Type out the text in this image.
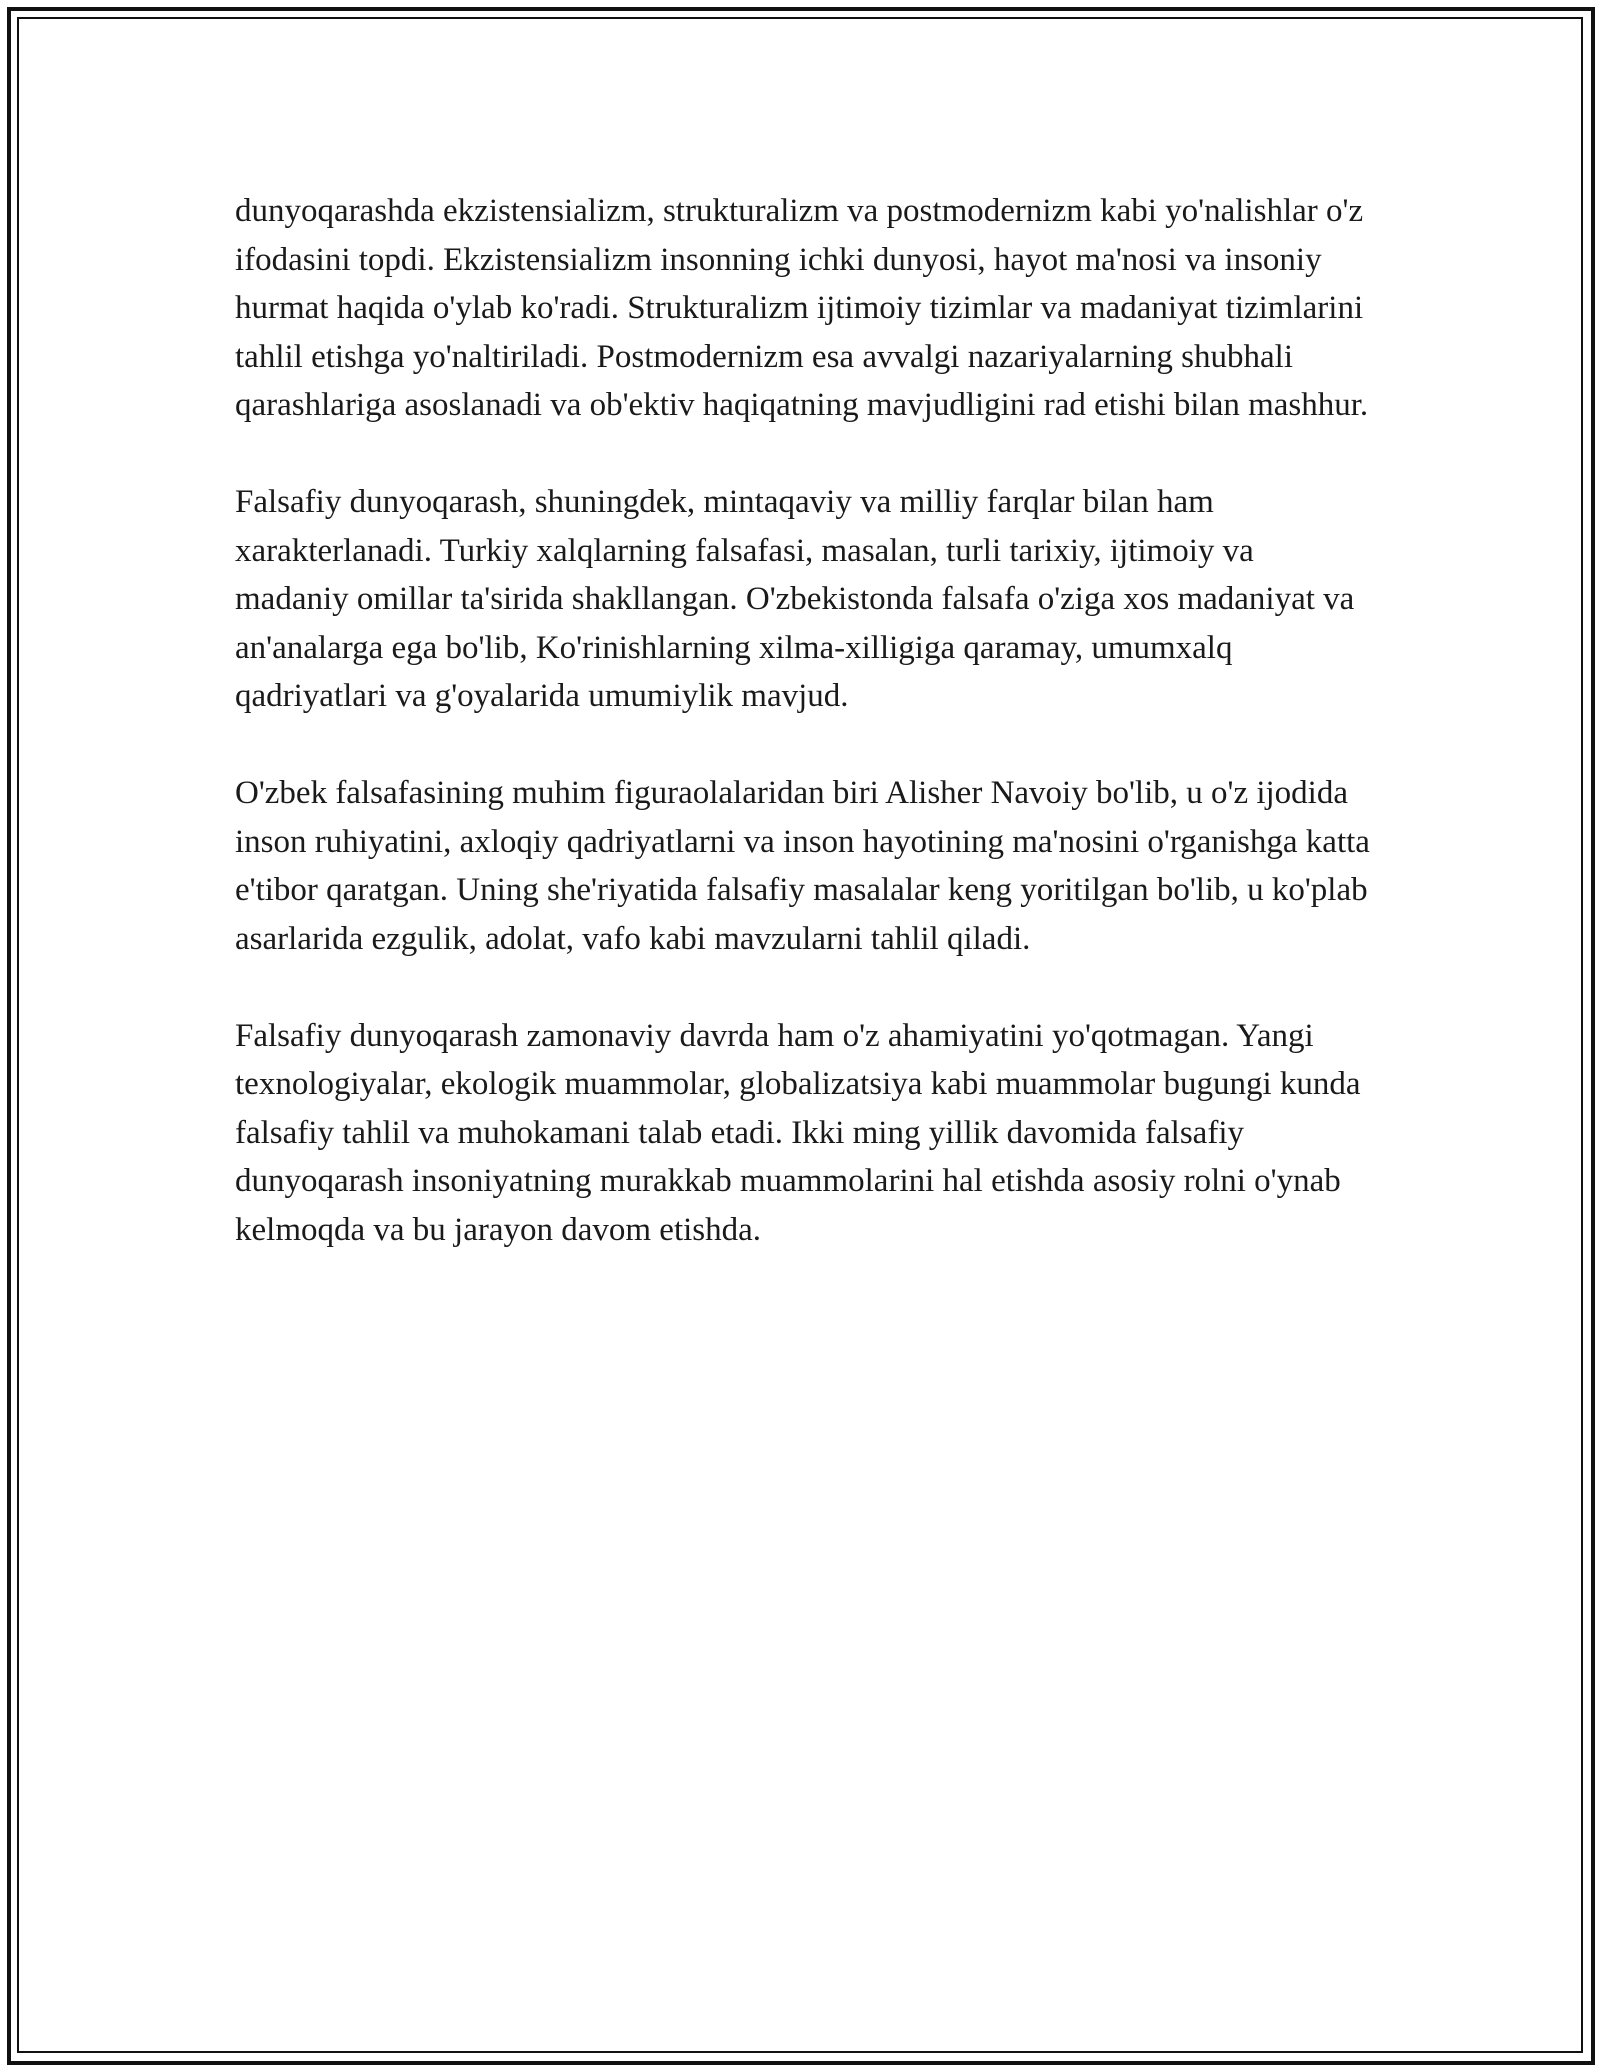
dunyoqarashda ekzistensializm, strukturalizm va postmodernizm kabi yo'nalishlar o'z ifodasini topdi. Ekzistensializm insonning ichki dunyosi, hayot ma'nosi va insoniy hurmat haqida o'ylab ko'radi. Strukturalizm ijtimoiy tizimlar va madaniyat tizimlarini tahlil etishga yo'naltiriladi. Postmodernizm esa avvalgi nazariyalarning shubhali qarashlariga asoslanadi va ob'ektiv haqiqatning mavjudligini rad etishi bilan mashhur.

Falsafiy dunyoqarash, shuningdek, mintaqaviy va milliy farqlar bilan ham xarakterlanadi. Turkiy xalqlarning falsafasi, masalan, turli tarixiy, ijtimoiy va madaniy omillar ta'sirida shakllangan. O'zbekistonda falsafa o'ziga xos madaniyat va an'analarga ega bo'lib, Ko'rinishlarning xilma-xilligiga qaramay, umumxalq qadriyatlari va g'oyalarida umumiylik mavjud.

O'zbek falsafasining muhim figuraolalaridan biri Alisher Navoiy bo'lib, u o'z ijodida inson ruhiyatini, axloqiy qadriyatlarni va inson hayotining ma'nosini o'rganishga katta e'tibor qaratgan. Uning she'riyatida falsafiy masalalar keng yoritilgan bo'lib, u ko'plab asarlarida ezgulik, adolat, vafo kabi mavzularni tahlil qiladi.

Falsafiy dunyoqarash zamonaviy davrda ham o'z ahamiyatini yo'qotmagan. Yangi texnologiyalar, ekologik muammolar, globalizatsiya kabi muammolar bugungi kunda falsafiy tahlil va muhokamani talab etadi. Ikki ming yillik davomida falsafiy dunyoqarash insoniyatning murakkab muammolarini hal etishda asosiy rolni o'ynab kelmoqda va bu jarayon davom etishda.
